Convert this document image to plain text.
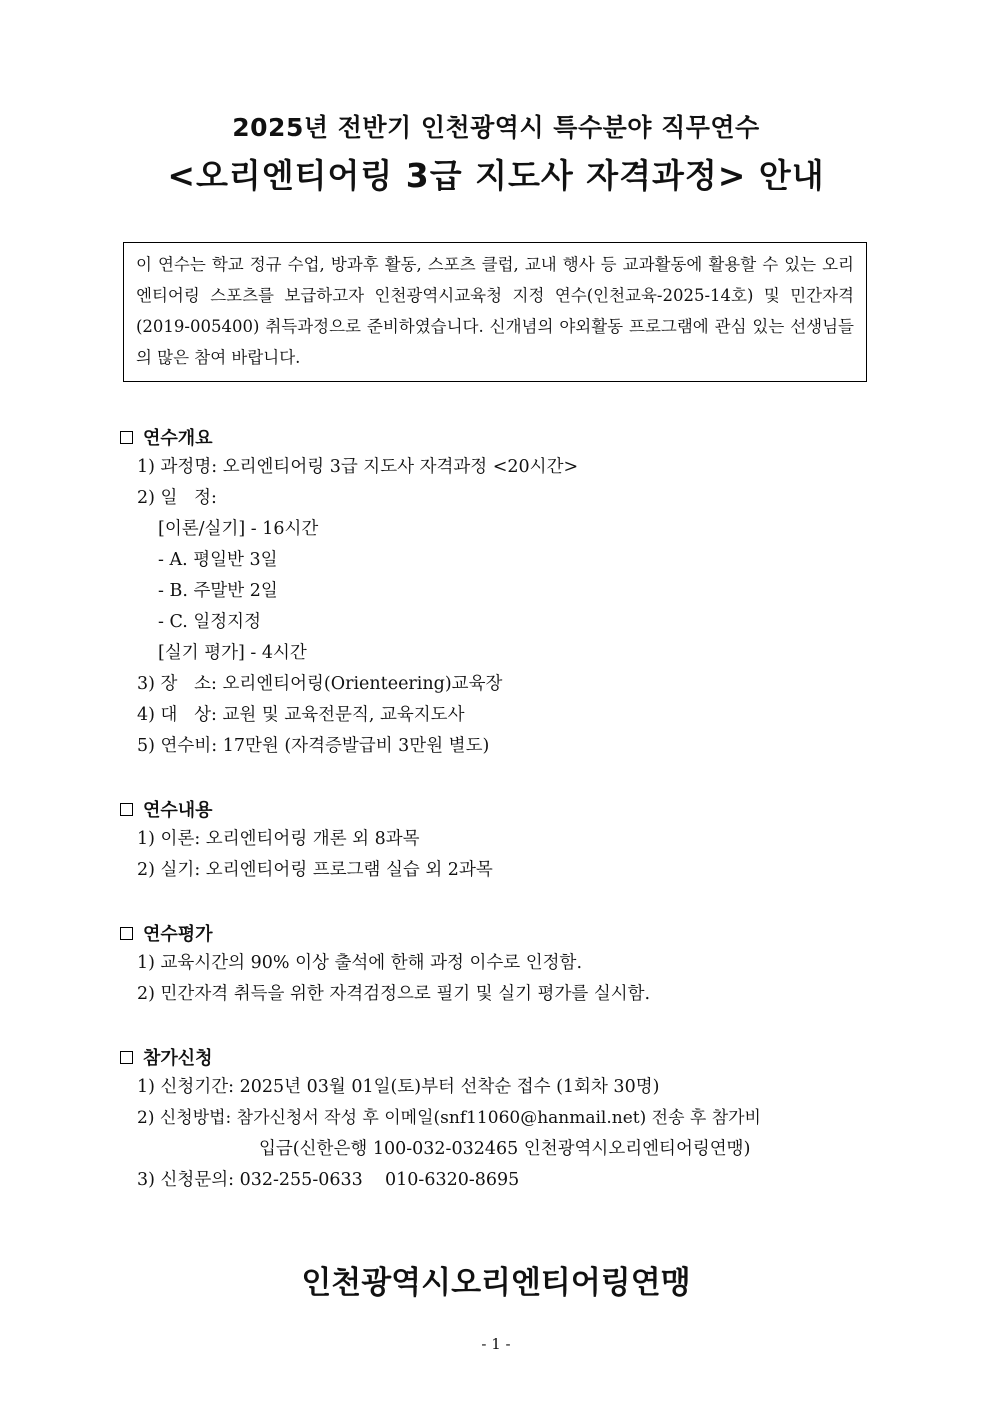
2025년 전반기 인천광역시 특수분야 직무연수
<오리엔티어링 3급 지도사 자격과정> 안내
이 연수는 학교 정규 수업, 방과후 활동, 스포츠 클럽, 교내 행사 등 교과활동에 활용할 수 있는 오리엔티어링 스포츠를 보급하고자 인천광역시교육청 지정 연수(인천교육-2025-14호) 및 민간자격(2019-005400) 취득과정으로 준비하였습니다. 신개념의 야외활동 프로그램에 관심 있는 선생님들의 많은 참여 바랍니다.
연수개요
1) 과정명: 오리엔티어링 3급 지도사 자격과정 <20시간>
2) 일   정:
[이론/실기] - 16시간
- A. 평일반 3일
- B. 주말반 2일
- C. 일정지정
[실기 평가] - 4시간
3) 장   소: 오리엔티어링(Orienteering)교육장
4) 대   상: 교원 및 교육전문직, 교육지도사
5) 연수비: 17만원 (자격증발급비 3만원 별도)
연수내용
1) 이론: 오리엔티어링 개론 외 8과목
2) 실기: 오리엔티어링 프로그램 실습 외 2과목
연수평가
1) 교육시간의 90% 이상 출석에 한해 과정 이수로 인정함.
2) 민간자격 취득을 위한 자격검정으로 필기 및 실기 평가를 실시함.
참가신청
1) 신청기간: 2025년 03월 01일(토)부터 선착순 접수 (1회차 30명)
2) 신청방법: 참가신청서 작성 후 이메일(snf11060@hanmail.net) 전송 후 참가비
입금(신한은행 100-032-032465 인천광역시오리엔티어링연맹)
3) 신청문의: 032-255-0633    010-6320-8695
인천광역시오리엔티어링연맹
- 1 -
